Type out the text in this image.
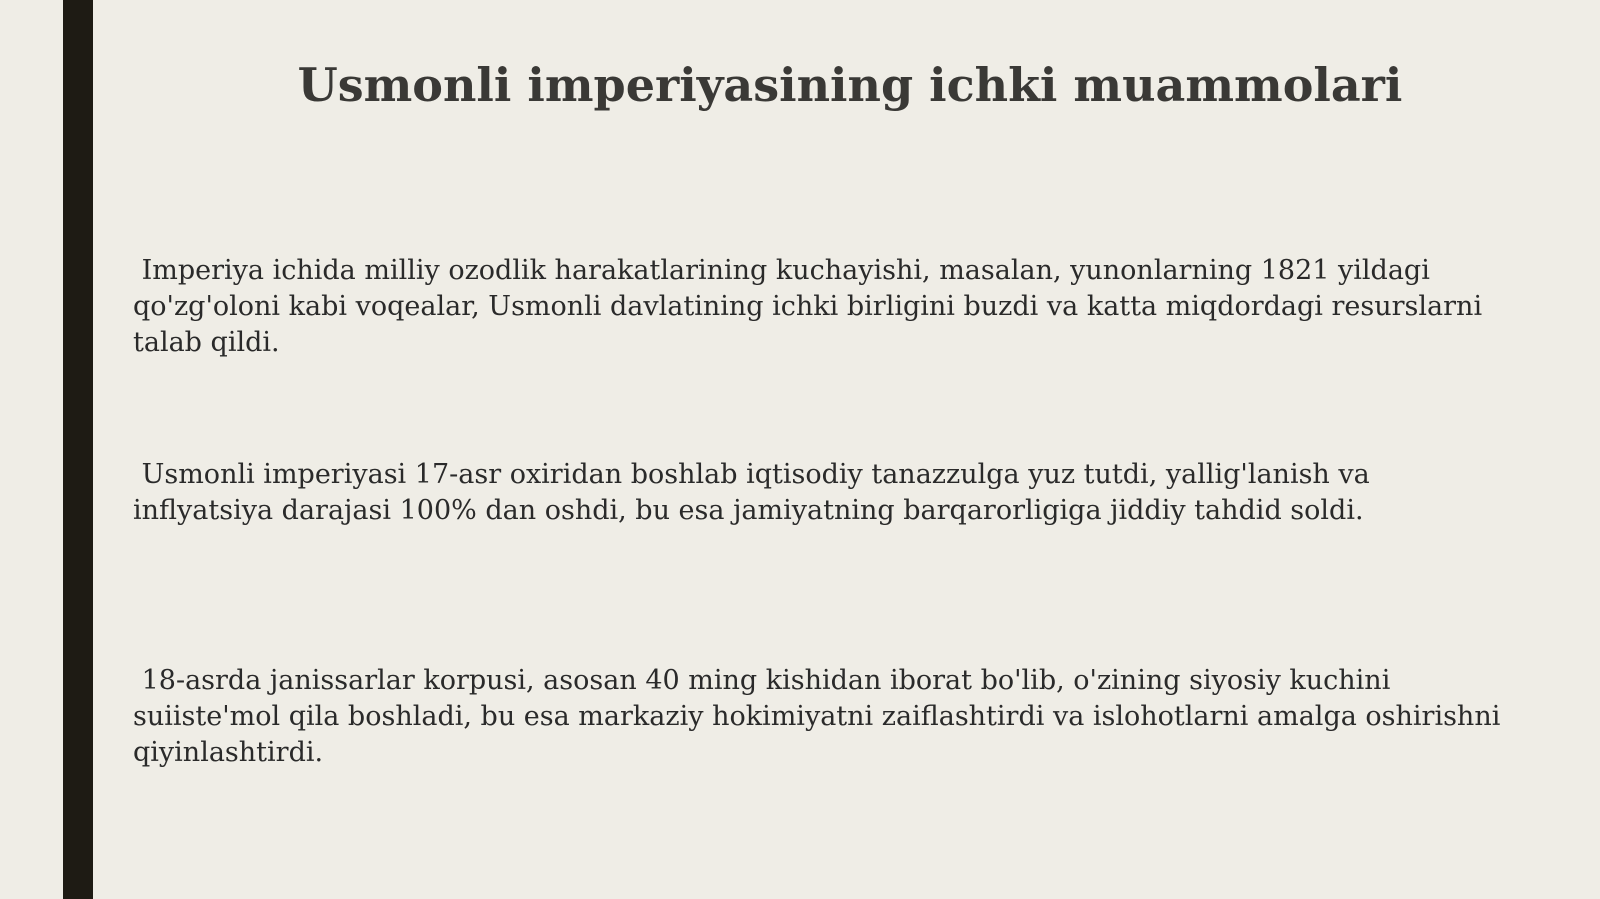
Usmonli imperiyasining ichki muammolari
Imperiya ichida milliy ozodlik harakatlarining kuchayishi, masalan, yunonlarning 1821 yildagi qo'zg'oloni kabi voqealar, Usmonli davlatining ichki birligini buzdi va katta miqdordagi resurslarni talab qildi.
Usmonli imperiyasi 17-asr oxiridan boshlab iqtisodiy tanazzulga yuz tutdi, yallig'lanish va inflyatsiya darajasi 100% dan oshdi, bu esa jamiyatning barqarorligiga jiddiy tahdid soldi.
18-asrda janissarlar korpusi, asosan 40 ming kishidan iborat bo'lib, o'zining siyosiy kuchini suiiste'mol qila boshladi, bu esa markaziy hokimiyatni zaiflashtirdi va islohotlarni amalga oshirishni qiyinlashtirdi.
